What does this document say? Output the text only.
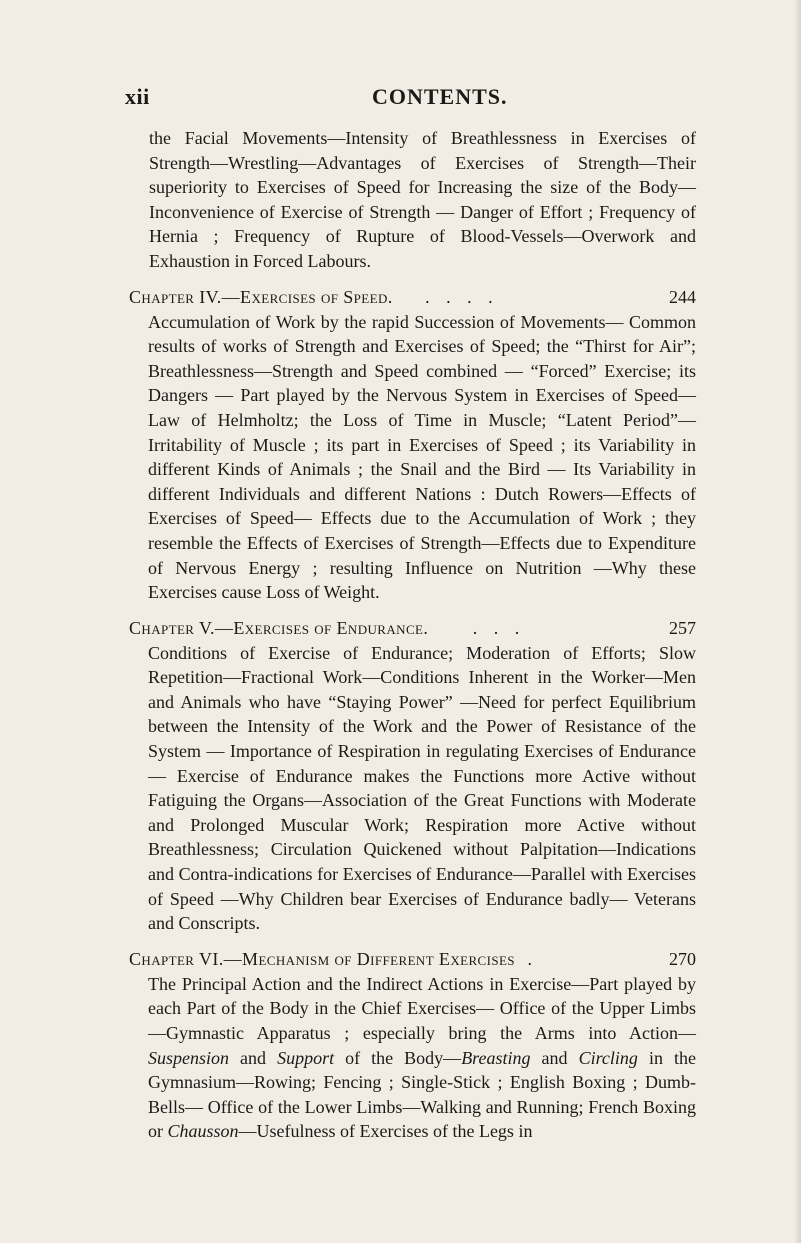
xii	CONTENTS.

the Facial Movements—Intensity of Breathlessness in Exercises of Strength—Wrestling—Advantages of Exercises of Strength—Their superiority to Exercises of Speed for Increasing the size of the Body—Inconvenience of Exercise of Strength — Danger of Effort ; Frequency of Hernia ; Frequency of Rupture of Blood-Vessels—Overwork and Exhaustion in Forced Labours.

Chapter IV.—Exercises of Speed. . . . .	244

Accumulation of Work by the rapid Succession of Movements— Common results of works of Strength and Exercises of Speed; the “Thirst for Air”; Breathlessness—Strength and Speed combined — “Forced” Exercise; its Dangers — Part played by the Nervous System in Exercises of Speed—Law of Helmholtz; the Loss of Time in Muscle; “Latent Period”— Irritability of Muscle ; its part in Exercises of Speed ; its Variability in different Kinds of Animals ; the Snail and the Bird — Its Variability in different Individuals and different Nations : Dutch Rowers—Effects of Exercises of Speed— Effects due to the Accumulation of Work ; they resemble the Effects of Exercises of Strength—Effects due to Expenditure of Nervous Energy ; resulting Influence on Nutrition —Why these Exercises cause Loss of Weight.

Chapter V.—Exercises of Endurance. . . .	257

Conditions of Exercise of Endurance; Moderation of Efforts; Slow Repetition—Fractional Work—Conditions Inherent in the Worker—Men and Animals who have “Staying Power” —Need for perfect Equilibrium between the Intensity of the Work and the Power of Resistance of the System — Importance of Respiration in regulating Exercises of Endurance— Exercise of Endurance makes the Functions more Active without Fatiguing the Organs—Association of the Great Functions with Moderate and Prolonged Muscular Work; Respiration more Active without Breathlessness; Circulation Quickened without Palpitation—Indications and Contra-indications for Exercises of Endurance—Parallel with Exercises of Speed —Why Children bear Exercises of Endurance badly— Veterans and Conscripts.

Chapter VI.—Mechanism of Different Exercises .	270

The Principal Action and the Indirect Actions in Exercise—Part played by each Part of the Body in the Chief Exercises— Office of the Upper Limbs—Gymnastic Apparatus ; especially bring the Arms into Action—Suspension and Support of the Body—Breasting and Circling in the Gymnasium—Rowing; Fencing ; Single-Stick ; English Boxing ; Dumb-Bells— Office of the Lower Limbs—Walking and Running; French Boxing or Chausson—Usefulness of Exercises of the Legs in
